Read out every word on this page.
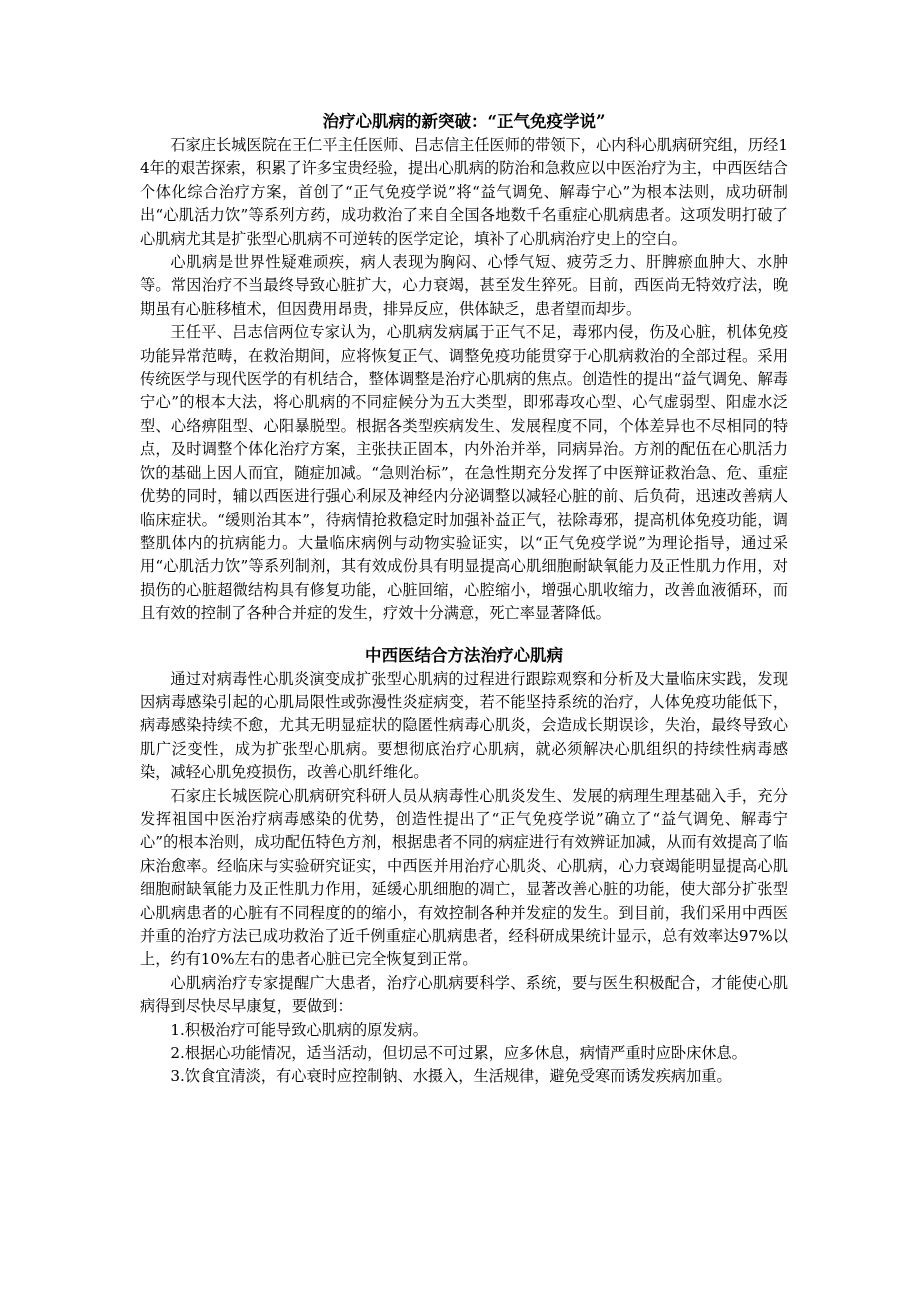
治疗心肌病的新突破：“正气免疫学说”

石家庄长城医院在王仁平主任医师、吕志信主任医师的带领下，心内科心肌病研究组，历经14年的艰苦探索，积累了许多宝贵经验，提出心肌病的防治和急救应以中医治疗为主，中西医结合个体化综合治疗方案，首创了“正气免疫学说”将“益气调免、解毒宁心”为根本法则，成功研制出“心肌活力饮”等系列方药，成功救治了来自全国各地数千名重症心肌病患者。这项发明打破了心肌病尤其是扩张型心肌病不可逆转的医学定论，填补了心肌病治疗史上的空白。

心肌病是世界性疑难顽疾，病人表现为胸闷、心悸气短、疲劳乏力、肝脾瘀血肿大、水肿等。常因治疗不当最终导致心脏扩大，心力衰竭，甚至发生猝死。目前，西医尚无特效疗法，晚期虽有心脏移植术，但因费用昂贵，排异反应，供体缺乏，患者望而却步。

王任平、吕志信两位专家认为，心肌病发病属于正气不足，毒邪内侵，伤及心脏，机体免疫功能异常范畴，在救治期间，应将恢复正气、调整免疫功能贯穿于心肌病救治的全部过程。采用传统医学与现代医学的有机结合，整体调整是治疗心肌病的焦点。创造性的提出“益气调免、解毒宁心”的根本大法，将心肌病的不同症候分为五大类型，即邪毒攻心型、心气虚弱型、阳虚水泛型、心络痹阻型、心阳暴脱型。根据各类型疾病发生、发展程度不同，个体差异也不尽相同的特点，及时调整个体化治疗方案，主张扶正固本，内外治并举，同病异治。方剂的配伍在心肌活力饮的基础上因人而宜，随症加减。“急则治标”，在急性期充分发挥了中医辩证救治急、危、重症优势的同时，辅以西医进行强心利尿及神经内分泌调整以减轻心脏的前、后负荷，迅速改善病人临床症状。“缓则治其本”，待病情抢救稳定时加强补益正气，祛除毒邪，提高机体免疫功能，调整肌体内的抗病能力。大量临床病例与动物实验证实，以“正气免疫学说”为理论指导，通过采用“心肌活力饮”等系列制剂，其有效成份具有明显提高心肌细胞耐缺氧能力及正性肌力作用，对损伤的心脏超微结构具有修复功能，心脏回缩，心腔缩小，增强心肌收缩力，改善血液循环，而且有效的控制了各种合并症的发生，疗效十分满意，死亡率显著降低。

中西医结合方法治疗心肌病

通过对病毒性心肌炎演变成扩张型心肌病的过程进行跟踪观察和分析及大量临床实践，发现因病毒感染引起的心肌局限性或弥漫性炎症病变，若不能坚持系统的治疗，人体免疫功能低下，病毒感染持续不愈，尤其无明显症状的隐匿性病毒心肌炎，会造成长期误诊，失治，最终导致心肌广泛变性，成为扩张型心肌病。要想彻底治疗心肌病，就必须解决心肌组织的持续性病毒感染，减轻心肌免疫损伤，改善心肌纤维化。

石家庄长城医院心肌病研究科研人员从病毒性心肌炎发生、发展的病理生理基础入手，充分发挥祖国中医治疗病毒感染的优势，创造性提出了“正气免疫学说”确立了“益气调免、解毒宁心”的根本治则，成功配伍特色方剂，根据患者不同的病症进行有效辨证加减，从而有效提高了临床治愈率。经临床与实验研究证实，中西医并用治疗心肌炎、心肌病，心力衰竭能明显提高心肌细胞耐缺氧能力及正性肌力作用，延缓心肌细胞的凋亡，显著改善心脏的功能，使大部分扩张型心肌病患者的心脏有不同程度的的缩小，有效控制各种并发症的发生。到目前，我们采用中西医并重的治疗方法已成功救治了近千例重症心肌病患者，经科研成果统计显示，总有效率达97%以上，约有10%左右的患者心脏已完全恢复到正常。

心肌病治疗专家提醒广大患者，治疗心肌病要科学、系统，要与医生积极配合，才能使心肌病得到尽快尽早康复，要做到：

1.积极治疗可能导致心肌病的原发病。

2.根据心功能情况，适当活动，但切忌不可过累，应多休息，病情严重时应卧床休息。

3.饮食宜清淡，有心衰时应控制钠、水摄入，生活规律，避免受寒而诱发疾病加重。
